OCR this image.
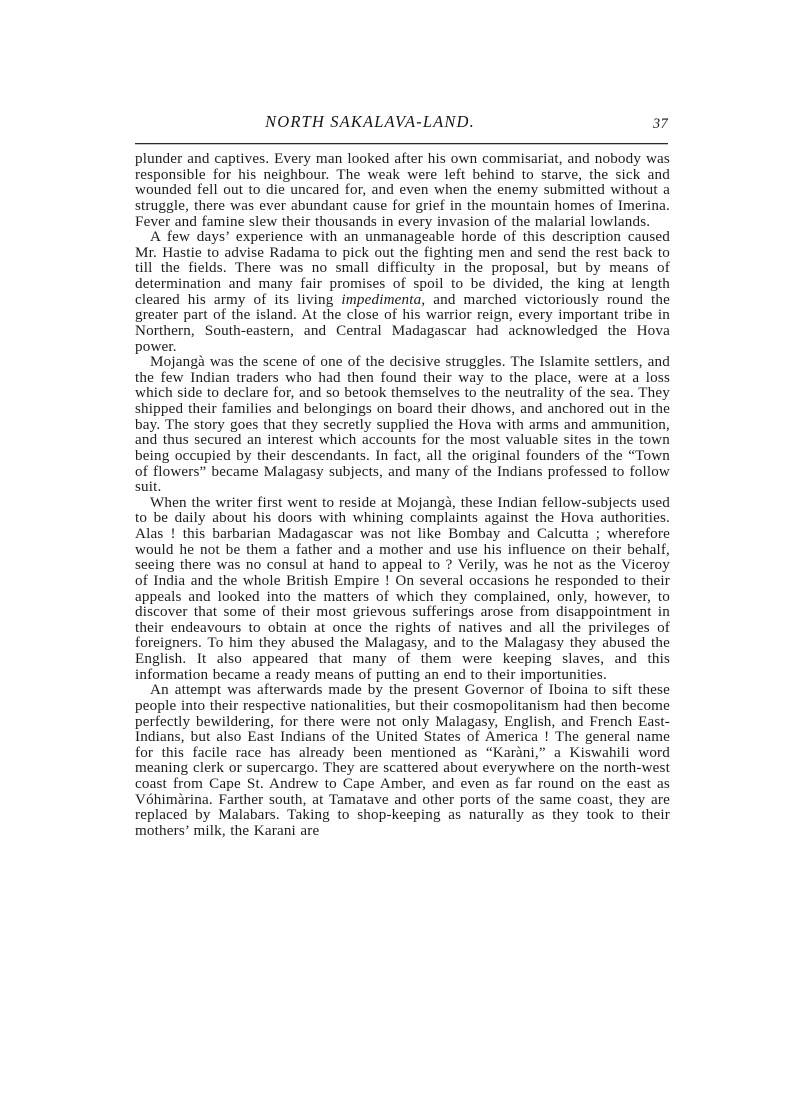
NORTH SAKALAVA-LAND.	37

plunder and captives. Every man looked after his own commisariat, and nobody was responsible for his neighbour. The weak were left behind to starve, the sick and wounded fell out to die uncared for, and even when the enemy submitted without a struggle, there was ever abundant cause for grief in the mountain homes of Imerina. Fever and famine slew their thousands in every invasion of the malarial lowlands.

A few days’ experience with an unmanageable horde of this description caused Mr. Hastie to advise Radama to pick out the fighting men and send the rest back to till the fields. There was no small difficulty in the proposal, but by means of determination and many fair promises of spoil to be divided, the king at length cleared his army of its living impedimenta, and marched victoriously round the greater part of the island. At the close of his warrior reign, every important tribe in Northern, South-eastern, and Central Madagascar had acknowledged the Hova power.

Mojangà was the scene of one of the decisive struggles. The Islamite settlers, and the few Indian traders who had then found their way to the place, were at a loss which side to declare for, and so betook themselves to the neutrality of the sea. They shipped their families and belongings on board their dhows, and anchored out in the bay. The story goes that they secretly supplied the Hova with arms and ammunition, and thus secured an interest which accounts for the most valuable sites in the town being occupied by their descendants. In fact, all the original founders of the “Town of flowers” became Malagasy subjects, and many of the Indians professed to follow suit.

When the writer first went to reside at Mojangà, these Indian fellow-subjects used to be daily about his doors with whining complaints against the Hova authorities. Alas ! this barbarian Madagascar was not like Bombay and Calcutta ; wherefore would he not be them a father and a mother and use his influence on their behalf, seeing there was no consul at hand to appeal to ? Verily, was he not as the Viceroy of India and the whole British Empire ! On several occasions he responded to their appeals and looked into the matters of which they complained, only, however, to discover that some of their most grievous sufferings arose from disappointment in their endeavours to obtain at once the rights of natives and all the privileges of foreigners. To him they abused the Malagasy, and to the Malagasy they abused the English. It also appeared that many of them were keeping slaves, and this information became a ready means of putting an end to their importunities.

An attempt was afterwards made by the present Governor of Iboina to sift these people into their respective nationalities, but their cosmopolitanism had then become perfectly bewildering, for there were not only Malagasy, English, and French East-Indians, but also East Indians of the United States of America ! The general name for this facile race has already been mentioned as “Karàni,” a Kiswahili word meaning clerk or supercargo. They are scattered about everywhere on the north-west coast from Cape St. Andrew to Cape Amber, and even as far round on the east as Vóhimàrina. Farther south, at Tamatave and other ports of the same coast, they are replaced by Malabars. Taking to shop-keeping as naturally as they took to their mothers’ milk, the Karani are
